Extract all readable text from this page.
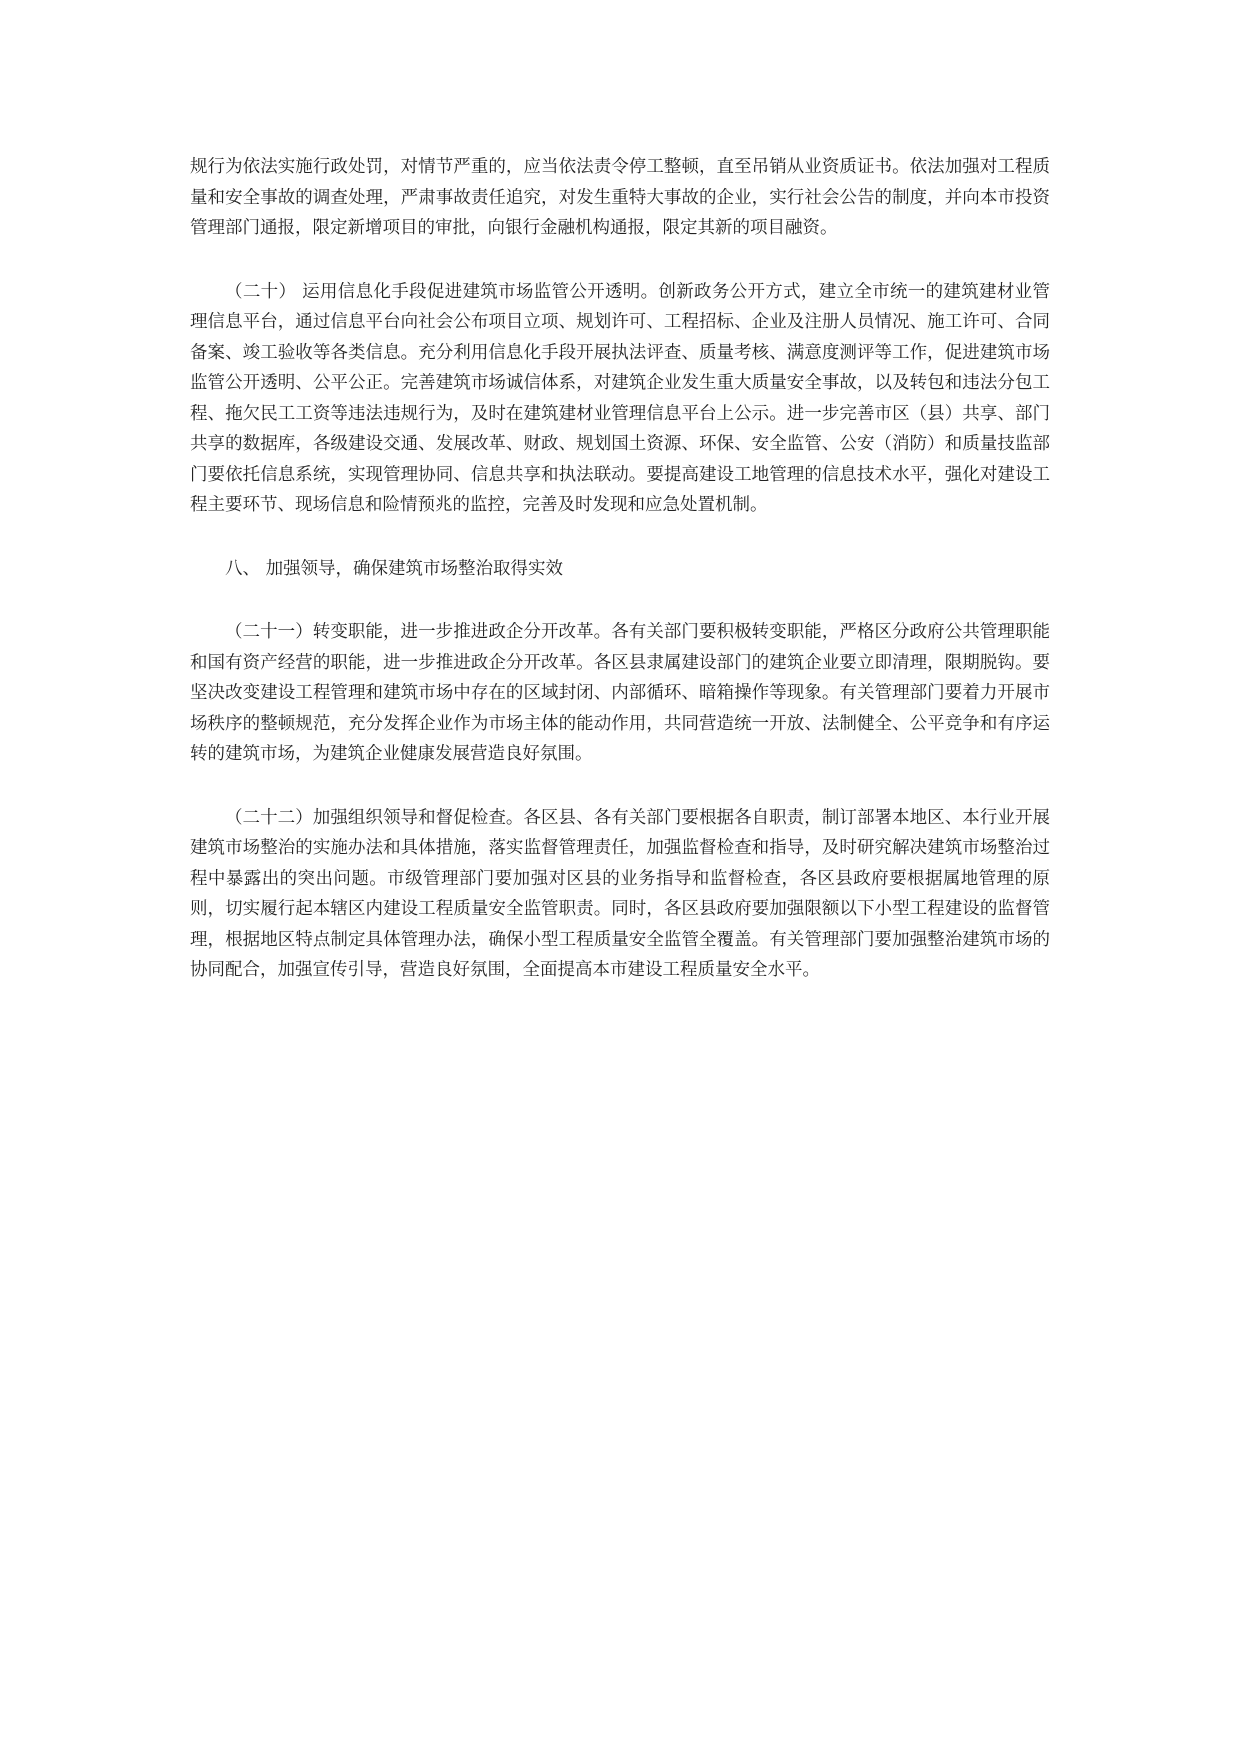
规行为依法实施行政处罚，对情节严重的，应当依法责令停工整顿，直至吊销从业资质证书。依法加强对工程质量和安全事故的调查处理，严肃事故责任追究，对发生重特大事故的企业，实行社会公告的制度，并向本市投资管理部门通报，限定新增项目的审批，向银行金融机构通报，限定其新的项目融资。

（二十） 运用信息化手段促进建筑市场监管公开透明。创新政务公开方式，建立全市统一的建筑建材业管理信息平台，通过信息平台向社会公布项目立项、规划许可、工程招标、企业及注册人员情况、施工许可、合同备案、竣工验收等各类信息。充分利用信息化手段开展执法评查、质量考核、满意度测评等工作，促进建筑市场监管公开透明、公平公正。完善建筑市场诚信体系，对建筑企业发生重大质量安全事故，以及转包和违法分包工程、拖欠民工工资等违法违规行为，及时在建筑建材业管理信息平台上公示。进一步完善市区（县）共享、部门共享的数据库，各级建设交通、发展改革、财政、规划国土资源、环保、安全监管、公安（消防）和质量技监部门要依托信息系统，实现管理协同、信息共享和执法联动。要提高建设工地管理的信息技术水平，强化对建设工程主要环节、现场信息和险情预兆的监控，完善及时发现和应急处置机制。

八、 加强领导，确保建筑市场整治取得实效

（二十一）转变职能，进一步推进政企分开改革。各有关部门要积极转变职能，严格区分政府公共管理职能和国有资产经营的职能，进一步推进政企分开改革。各区县隶属建设部门的建筑企业要立即清理，限期脱钩。要坚决改变建设工程管理和建筑市场中存在的区域封闭、内部循环、暗箱操作等现象。有关管理部门要着力开展市场秩序的整顿规范，充分发挥企业作为市场主体的能动作用，共同营造统一开放、法制健全、公平竞争和有序运转的建筑市场，为建筑企业健康发展营造良好氛围。

（二十二）加强组织领导和督促检查。各区县、各有关部门要根据各自职责，制订部署本地区、本行业开展建筑市场整治的实施办法和具体措施，落实监督管理责任，加强监督检查和指导，及时研究解决建筑市场整治过程中暴露出的突出问题。市级管理部门要加强对区县的业务指导和监督检查，各区县政府要根据属地管理的原则，切实履行起本辖区内建设工程质量安全监管职责。同时，各区县政府要加强限额以下小型工程建设的监督管理，根据地区特点制定具体管理办法，确保小型工程质量安全监管全覆盖。有关管理部门要加强整治建筑市场的协同配合，加强宣传引导，营造良好氛围，全面提高本市建设工程质量安全水平。
